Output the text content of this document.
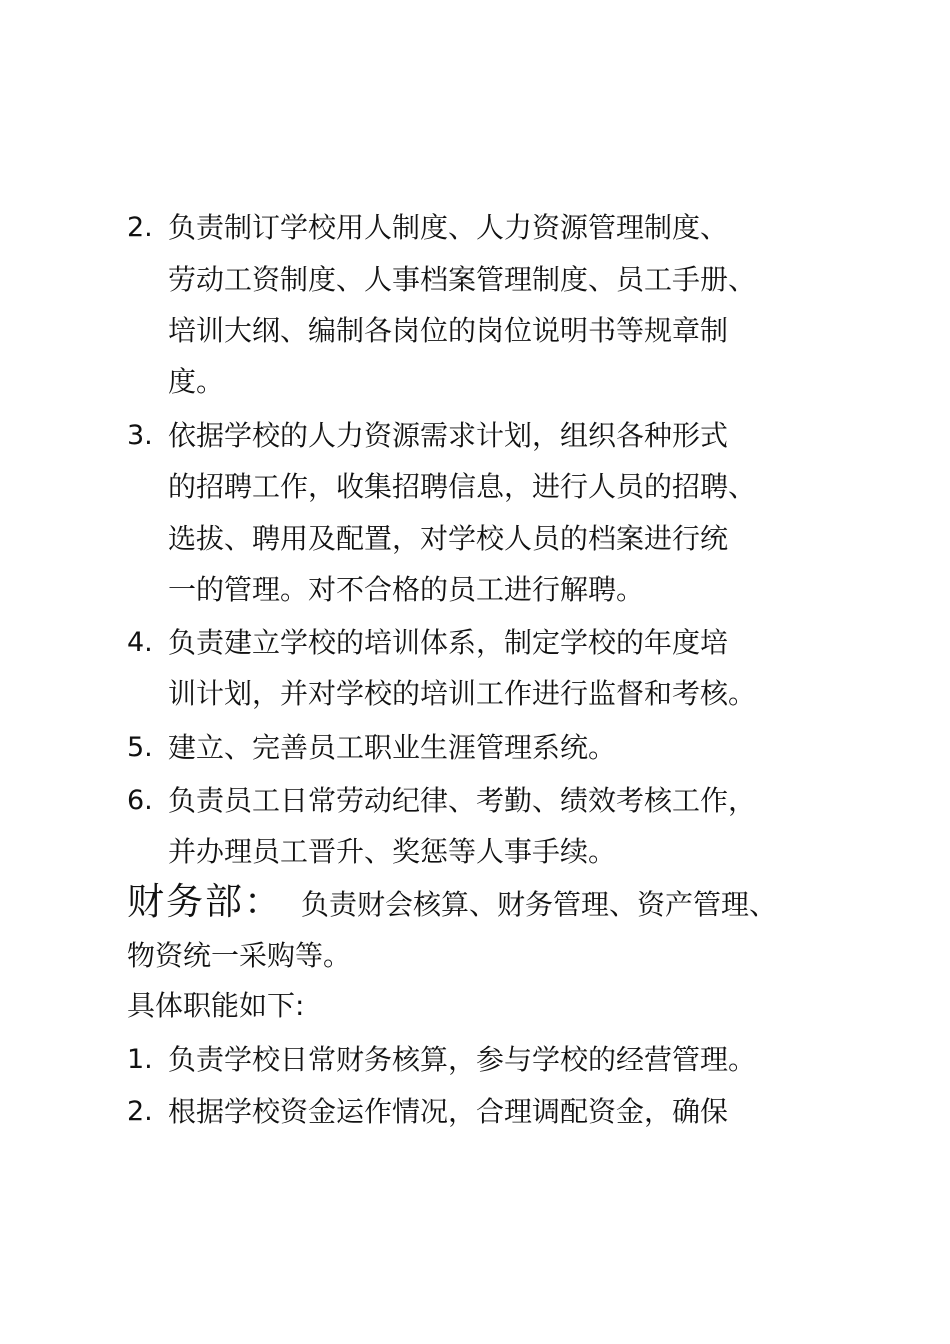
2. 负责制订学校用人制度、人力资源管理制度、
劳动工资制度、人事档案管理制度、员工手册、
培训大纲、编制各岗位的岗位说明书等规章制
度。
3. 依据学校的人力资源需求计划，组织各种形式
的招聘工作，收集招聘信息，进行人员的招聘、
选拔、聘用及配置，对学校人员的档案进行统
一的管理。对不合格的员工进行解聘。
4. 负责建立学校的培训体系，制定学校的年度培
训计划，并对学校的培训工作进行监督和考核。
5. 建立、完善员工职业生涯管理系统。
6. 负责员工日常劳动纪律、考勤、绩效考核工作，
并办理员工晋升、奖惩等人事手续。
财务部： 负责财会核算、财务管理、资产管理、
物资统一采购等。
具体职能如下:
1. 负责学校日常财务核算，参与学校的经营管理。
2. 根据学校资金运作情况，合理调配资金，确保
